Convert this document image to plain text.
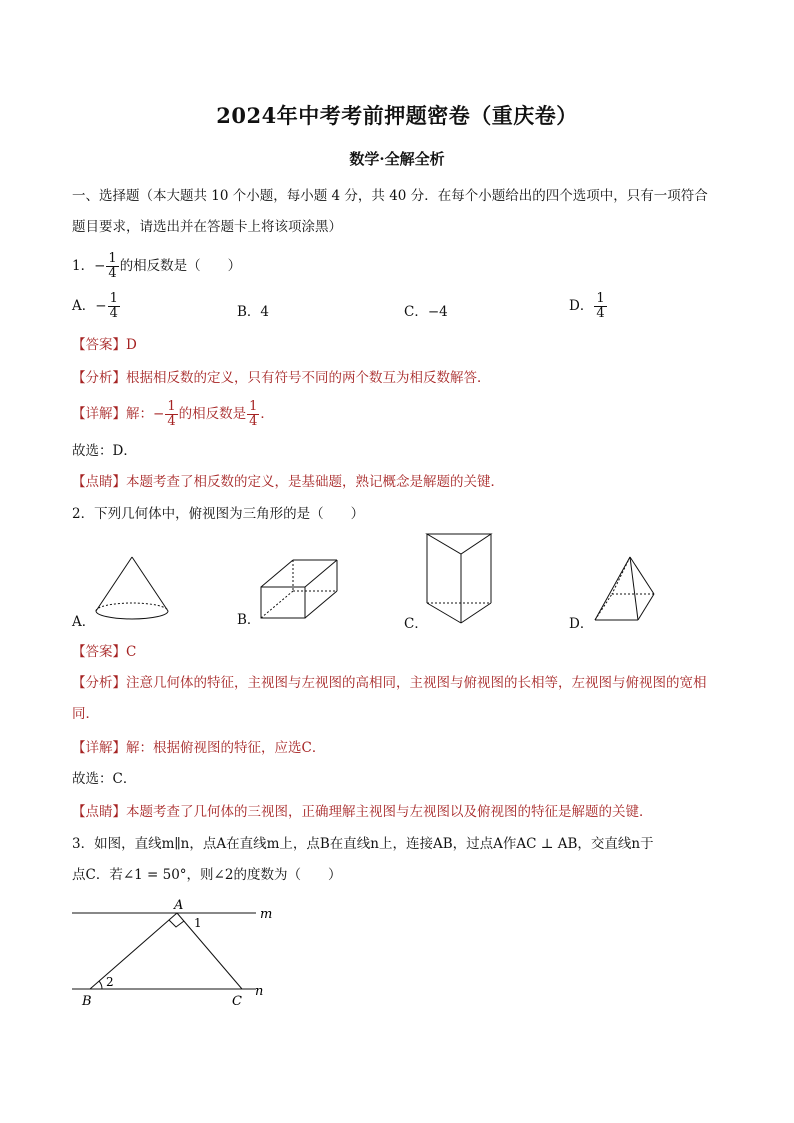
2024年中考考前押题密卷（重庆卷）
数学·全解全析
一、选择题（本大题共 10 个小题，每小题 4 分，共 40 分．在每个小题给出的四个选项中，只有一项符合
题目要求，请选出并在答题卡上将该项涂黑）
1．− $\frac{1}{4}$ 的相反数是（　　）
A．− $\frac{1}{4}$	B．4	C．−4	D． $\frac{1}{4}$
【答案】D
【分析】根据相反数的定义，只有符号不同的两个数互为相反数解答．
【详解】解：− $\frac{1}{4}$ 的相反数是 $\frac{1}{4}$ ．
故选：D．
【点睛】本题考查了相反数的定义，是基础题，熟记概念是解题的关键．
2．下列几何体中，俯视图为三角形的是（　　）
A．	B．	C．	D．
【答案】C
【分析】注意几何体的特征，主视图与左视图的高相同，主视图与俯视图的长相等，左视图与俯视图的宽相同．
【详解】解：根据俯视图的特征，应选C．
故选：C．
【点睛】本题考查了几何体的三视图，正确理解主视图与左视图以及俯视图的特征是解题的关键．
3．如图，直线m∥n，点A在直线m上，点B在直线n上，连接AB，过点A作AC ⊥ AB，交直线n于
点C．若∠1 = 50°，则∠2的度数为（　　）
A
1
m
2
B	C
n
